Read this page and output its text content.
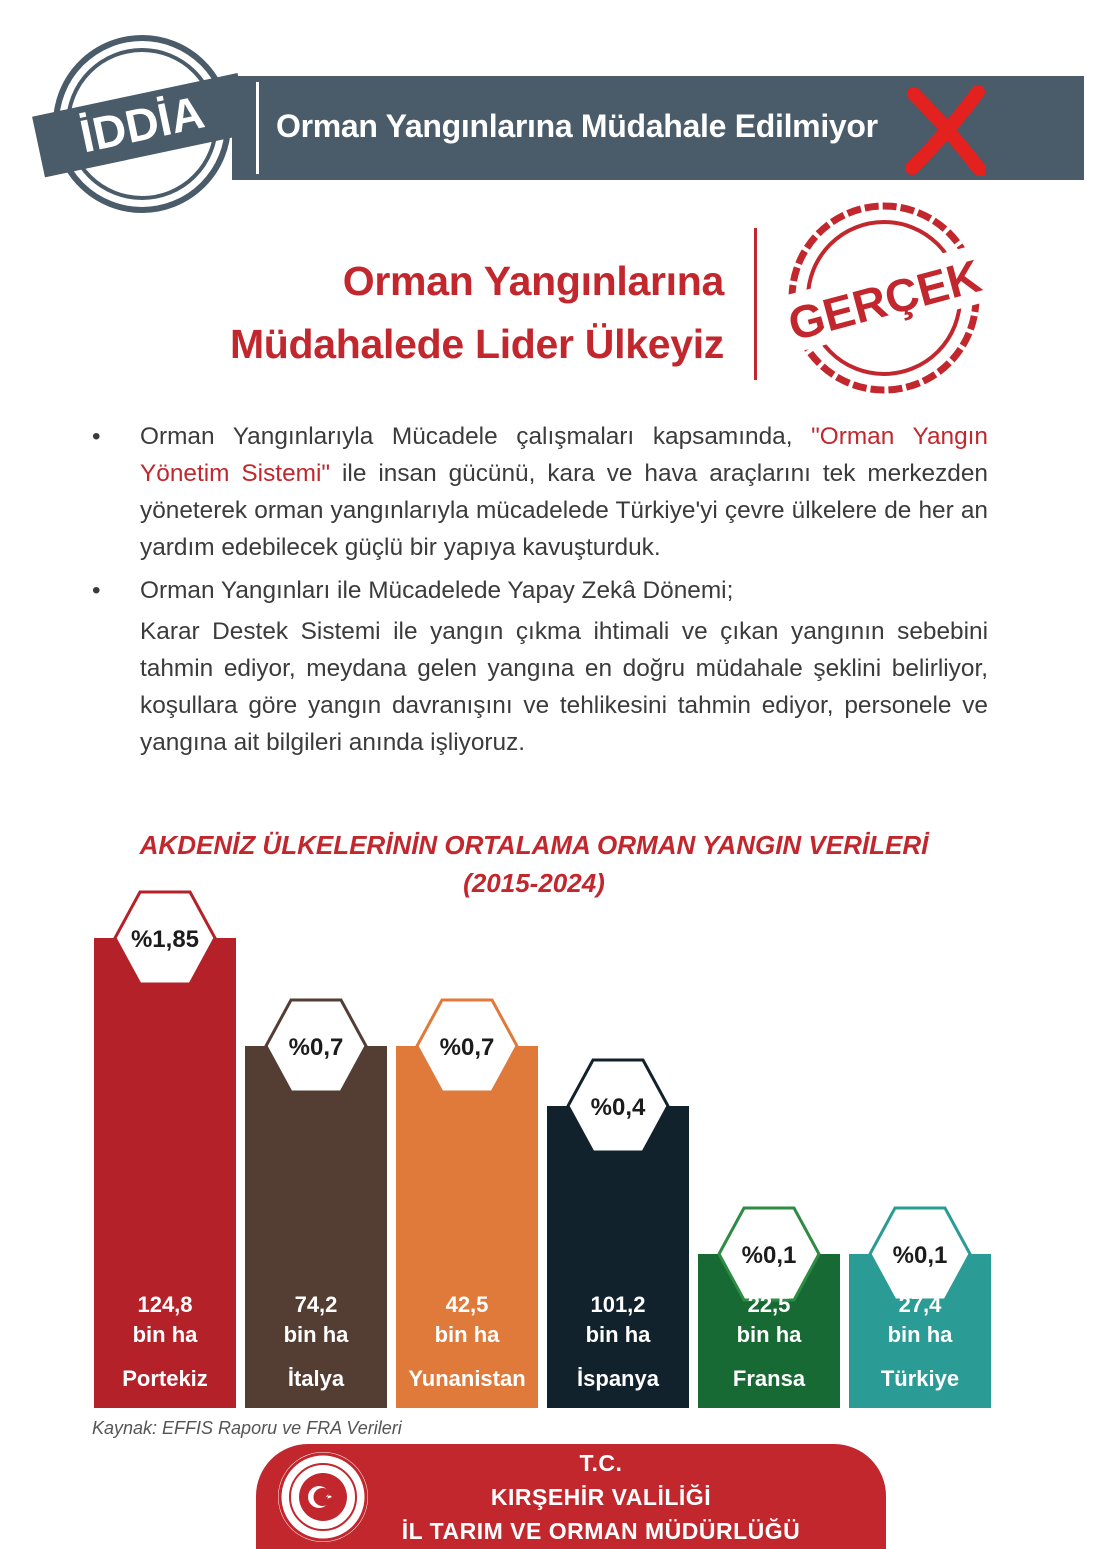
Orman Yangınlarına Müdahale Edilmiyor
İDDİA
Orman Yangınlarına
Müdahalede Lider Ülkeyiz GERÇEK

• Orman Yangınlarıyla Mücadele çalışmaları kapsamında, "Orman Yangın Yönetim Sistemi" ile insan gücünü, kara ve hava araçlarını tek merkezden yöneterek orman yangınlarıyla mücadelede Türkiye'yi çevre ülkelere de her an yardım edebilecek güçlü bir yapıya kavuşturduk.

• Orman Yangınları ile Mücadelede Yapay Zekâ Dönemi;

Karar Destek Sistemi ile yangın çıkma ihtimali ve çıkan yangının sebebini tahmin ediyor, meydana gelen yangına en doğru müdahale şeklini belirliyor, koşullara göre yangın davranışını ve tehlikesini tahmin ediyor, personele ve yangına ait bilgileri anında işliyoruz.

AKDENİZ ÜLKELERİNİN ORTALAMA ORMAN YANGIN VERİLERİ
(2015-2024)
%1,85
124,8
bin ha
Portekiz
%0,7
74,2
bin ha
İtalya
%0,7
42,5
bin ha
Yunanistan
%0,4
101,2
bin ha
İspanya
%0,1
22,5
bin ha
Fransa
%0,1
27,4
bin ha
Türkiye
Kaynak: EFFIS Raporu ve FRA Verileri
T.C.
KIRŞEHİR VALİLİĞİ
İL TARIM VE ORMAN MÜDÜRLÜĞÜ
